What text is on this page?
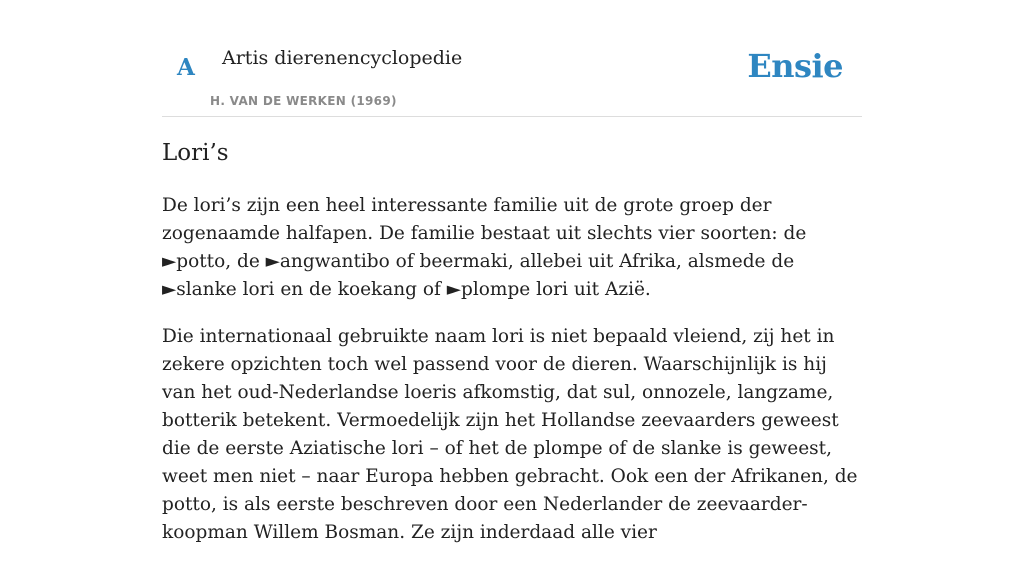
A Artis dierenencyclopedie
H. VAN DE WERKEN (1969)
Ensie
Lori’s

De lori’s zijn een heel interessante familie uit de grote groep der zogenaamde halfapen. De familie bestaat uit slechts vier soorten: de ►potto, de ►angwantibo of beermaki, allebei uit Afrika, alsmede de ►slanke lori en de koekang of ►plompe lori uit Azië.

Die internationaal gebruikte naam lori is niet bepaald vleiend, zij het in zekere opzichten toch wel passend voor de dieren. Waarschijnlijk is hij van het oud-Nederlandse loeris afkomstig, dat sul, onnozele, langzame, botterik betekent. Vermoedelijk zijn het Hollandse zeevaarders geweest die de eerste Aziatische lori – of het de plompe of de slanke is geweest, weet men niet – naar Europa hebben gebracht. Ook een der Afrikanen, de potto, is als eerste beschreven door een Nederlander de zeevaarder-koopman Willem Bosman. Ze zijn inderdaad alle vier
